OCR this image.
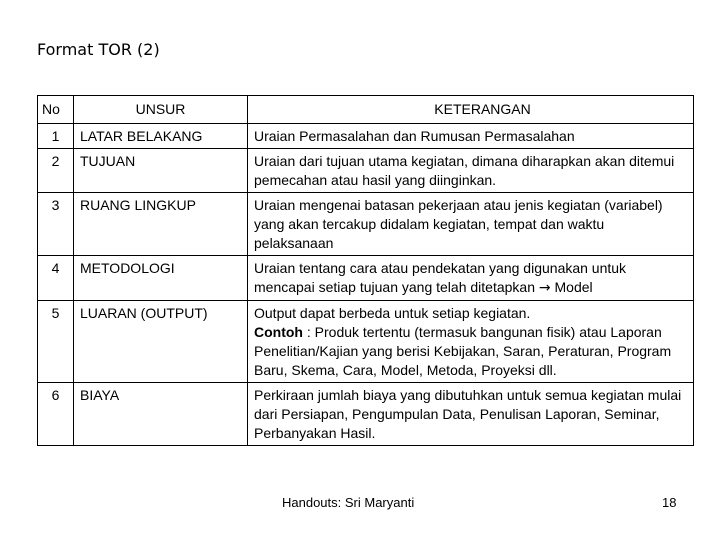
Format TOR (2)
No	UNSUR	KETERANGAN
1	LATAR BELAKANG	Uraian Permasalahan dan Rumusan Permasalahan
2	TUJUAN	Uraian dari tujuan utama kegiatan, dimana diharapkan akan ditemui pemecahan atau hasil yang diinginkan.
3	RUANG LINGKUP	Uraian mengenai batasan pekerjaan atau jenis kegiatan (variabel) yang akan tercakup didalam kegiatan, tempat dan waktu pelaksanaan
4	METODOLOGI	Uraian tentang cara atau pendekatan yang digunakan untuk mencapai setiap tujuan yang telah ditetapkan → Model
5	LUARAN (OUTPUT)	Output dapat berbeda untuk setiap kegiatan.
Contoh : Produk tertentu (termasuk bangunan fisik) atau Laporan Penelitian/Kajian yang berisi Kebijakan, Saran, Peraturan, Program Baru, Skema, Cara, Model, Metoda, Proyeksi dll.
6	BIAYA	Perkiraan jumlah biaya yang dibutuhkan untuk semua kegiatan mulai dari Persiapan, Pengumpulan Data, Penulisan Laporan, Seminar, Perbanyakan Hasil.
Handouts: Sri Maryanti	18
